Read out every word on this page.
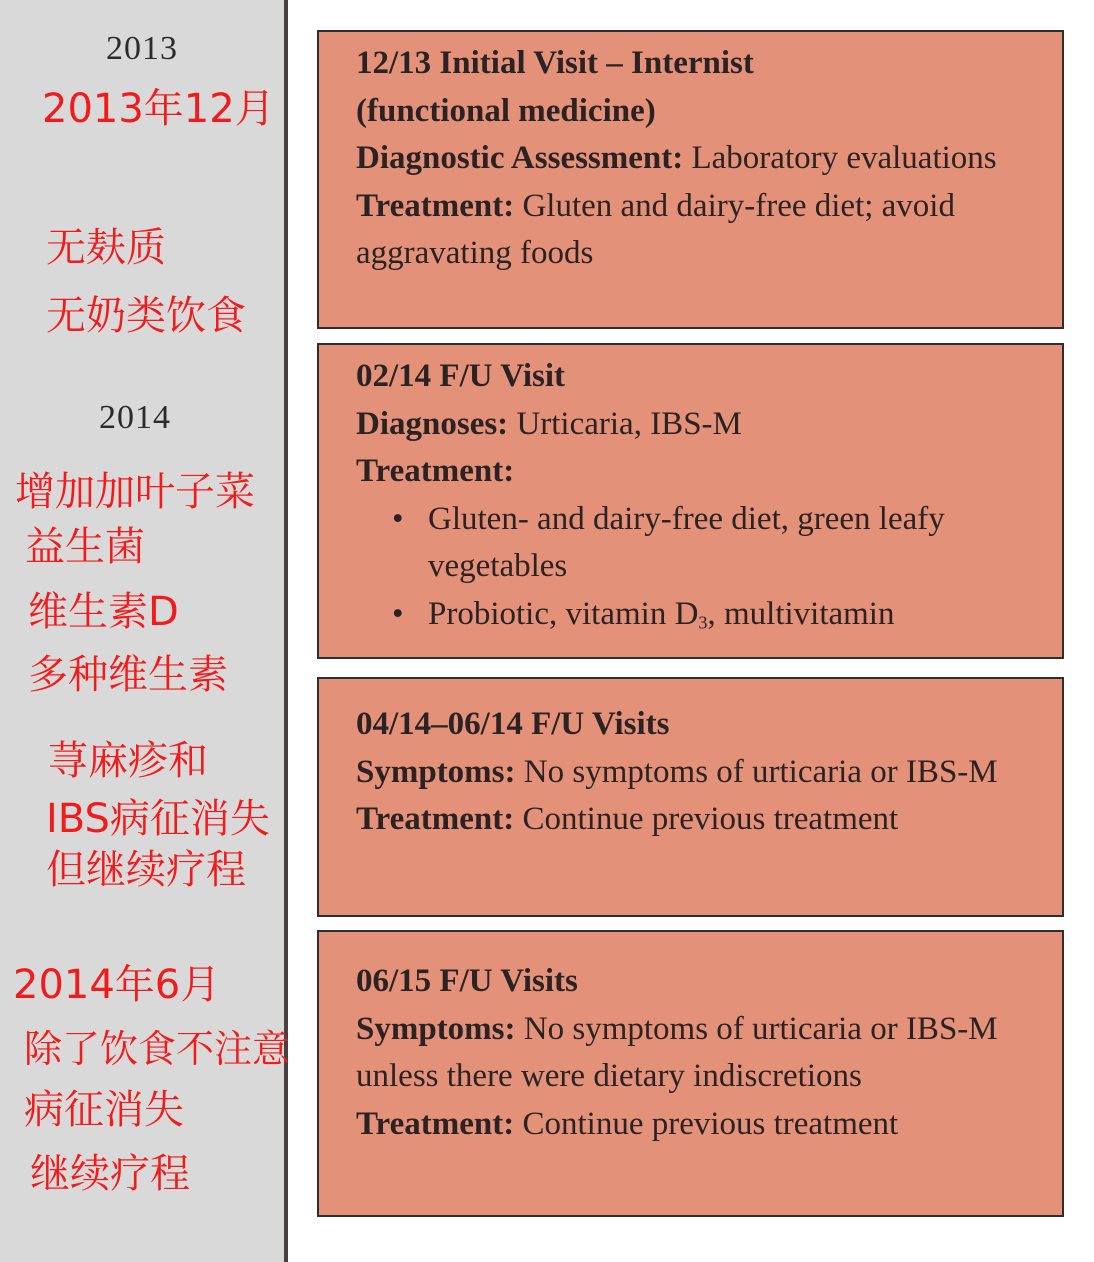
2013
2014
2013年12月
无麸质
无奶类饮食
增加加叶子菜
益生菌
维生素D
多种维生素
荨麻疹和
IBS病征消失
但继续疗程
2014年6月
除了饮食不注意
病征消失
继续疗程

12/13 Initial Visit – Internist

(functional medicine)

Diagnostic Assessment: Laboratory evaluations

Treatment: Gluten and dairy-free diet; avoid aggravating foods

02/14 F/U Visit

Diagnoses: Urticaria, IBS-M

Treatment:

• Gluten- and dairy-free diet, green leafy vegetables
• Probiotic, vitamin $D_3$, multivitamin

04/14–06/14 F/U Visits

Symptoms: No symptoms of urticaria or IBS-M

Treatment: Continue previous treatment

06/15 F/U Visits

Symptoms: No symptoms of urticaria or IBS-M unless there were dietary indiscretions

Treatment: Continue previous treatment
